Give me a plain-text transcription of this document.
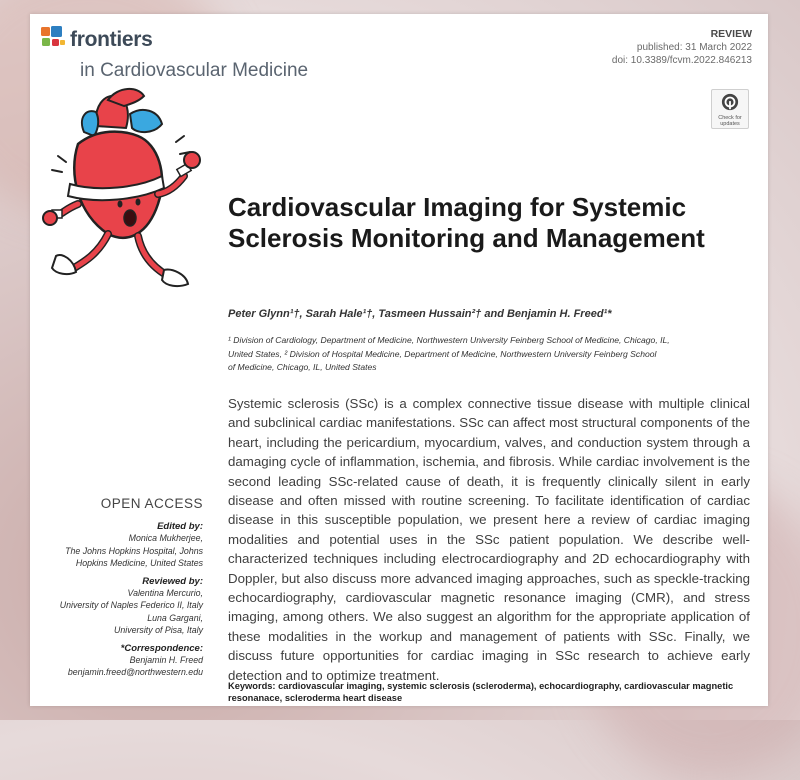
frontiers
in Cardiovascular Medicine
REVIEW
published: 31 March 2022
doi: 10.3389/fcvm.2022.846213
Check for
updates
Cardiovascular Imaging for Systemic Sclerosis Monitoring and Management
Peter Glynn¹†, Sarah Hale¹†, Tasmeen Hussain²† and Benjamin H. Freed¹*
¹ Division of Cardiology, Department of Medicine, Northwestern University Feinberg School of Medicine, Chicago, IL,
United States, ² Division of Hospital Medicine, Department of Medicine, Northwestern University Feinberg School
of Medicine, Chicago, IL, United States
Systemic sclerosis (SSc) is a complex connective tissue disease with multiple clinical and subclinical cardiac manifestations. SSc can affect most structural components of the heart, including the pericardium, myocardium, valves, and conduction system through a damaging cycle of inflammation, ischemia, and fibrosis. While cardiac involvement is the second leading SSc-related cause of death, it is frequently clinically silent in early disease and often missed with routine screening. To facilitate identification of cardiac disease in this susceptible population, we present here a review of cardiac imaging modalities and potential uses in the SSc patient population. We describe well-characterized techniques including electrocardiography and 2D echocardiography with Doppler, but also discuss more advanced imaging approaches, such as speckle-tracking echocardiography, cardiovascular magnetic resonance imaging (CMR), and stress imaging, among others. We also suggest an algorithm for the appropriate application of these modalities in the workup and management of patients with SSc. Finally, we discuss future opportunities for cardiac imaging in SSc research to achieve early detection and to optimize treatment.
Keywords: cardiovascular imaging, systemic sclerosis (scleroderma), echocardiography, cardiovascular magnetic resonanace, scleroderma heart disease
OPEN ACCESS
Edited by:
Monica Mukherjee,
The Johns Hopkins Hospital, Johns
Hopkins Medicine, United States
Reviewed by:
Valentina Mercurio,
University of Naples Federico II, Italy
Luna Gargani,
University of Pisa, Italy
*Correspondence:
Benjamin H. Freed
benjamin.freed@northwestern.edu
